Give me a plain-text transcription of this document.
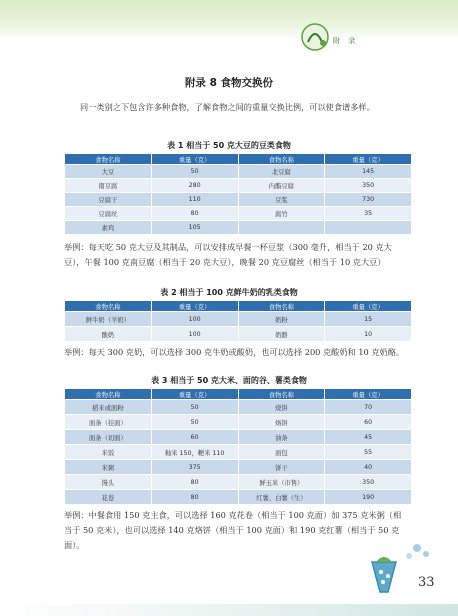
附 录
附录 8 食物交换份
同一类别之下包含许多种食物，了解食物之间的重量交换比例，可以使食谱多样。
表 1 相当于 50 克大豆的豆类食物
食物名称	重量（克）	食物名称	重量（克）
大豆	50	北豆腐	145
南豆腐	280	内酯豆腐	350
豆腐干	110	豆浆	730
豆腐丝	80	腐竹	35
素鸡	105		
举例：每天吃 50 克大豆及其制品，可以安排成早餐一杯豆浆（300 毫升，相当于 20 克大豆），午餐 100 克南豆腐（相当于 20 克大豆），晚餐 20 克豆腐丝（相当于 10 克大豆）
表 2 相当于 100 克鲜牛奶的乳类食物
食物名称	重量（克）	食物名称	重量（克）
鲜牛奶（羊奶）	100	奶粉	15
酸奶	100	奶酪	10
举例：每天 300 克奶，可以选择 300 克牛奶或酸奶，也可以选择 200 克酸奶和 10 克奶酪。
表 3 相当于 50 克大米、面的谷、薯类食物
食物名称	重量（克）	食物名称	重量（克）
稻米或面粉	50	烧饼	70
面条（挂面）	50	烙饼	60
面条（切面）	60	油条	45
米饭	籼米 150，粳米 110	面包	55
米粥	375	饼干	40
馒头	80	鲜玉米（市售）	350
花卷	80	红薯、白薯（生）	190
举例：中餐食用 150 克主食，可以选择 160 克花卷（相当于 100 克面）加 375 克米粥（相当于 50 克米），也可以选择 140 克烙饼（相当于 100 克面）和 190 克红薯（相当于 50 克面）。
33
